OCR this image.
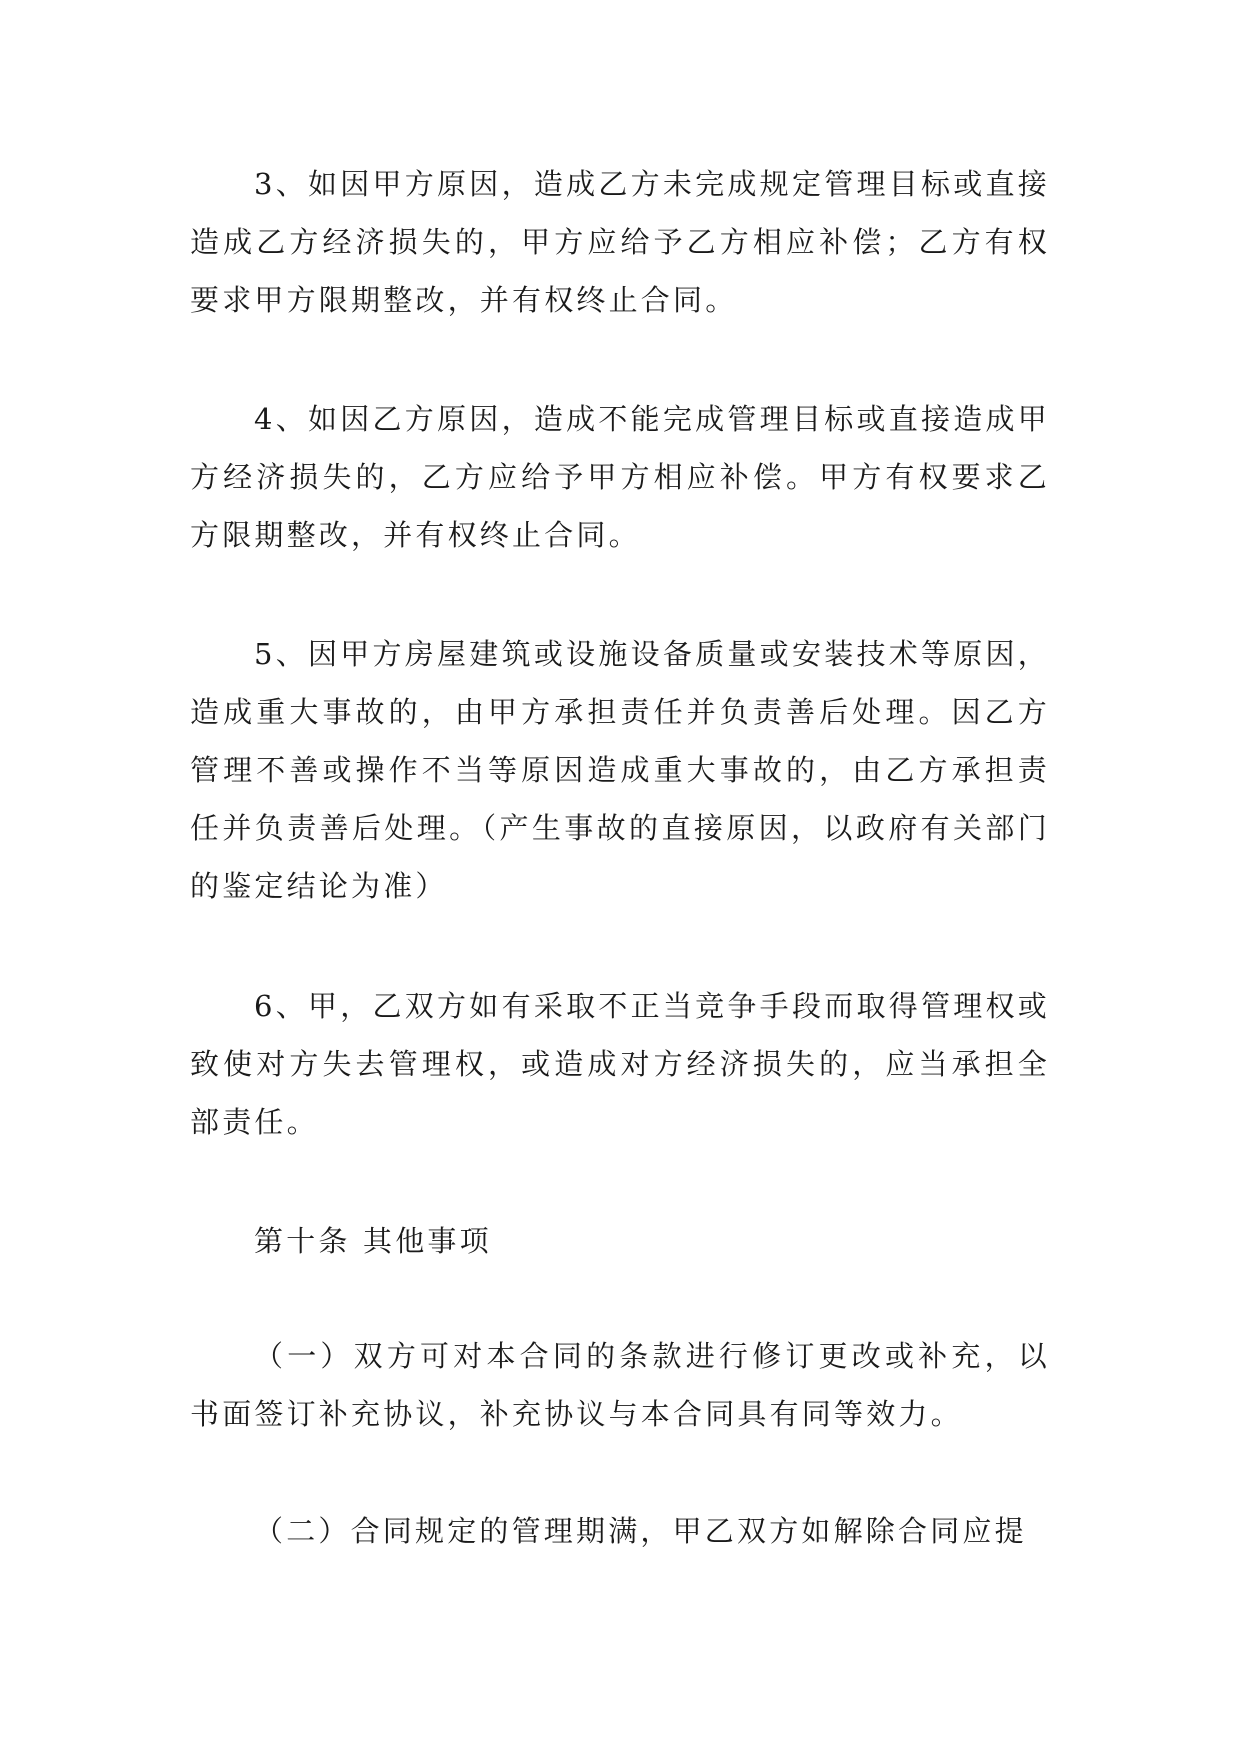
3、如因甲方原因，造成乙方未完成规定管理目标或直接造成乙方经济损失的，甲方应给予乙方相应补偿；乙方有权要求甲方限期整改，并有权终止合同。

4、如因乙方原因，造成不能完成管理目标或直接造成甲方经济损失的，乙方应给予甲方相应补偿。甲方有权要求乙方限期整改，并有权终止合同。

5、因甲方房屋建筑或设施设备质量或安装技术等原因，造成重大事故的，由甲方承担责任并负责善后处理。因乙方管理不善或操作不当等原因造成重大事故的，由乙方承担责任并负责善后处理。（产生事故的直接原因，以政府有关部门的鉴定结论为准）

6、甲，乙双方如有采取不正当竞争手段而取得管理权或致使对方失去管理权，或造成对方经济损失的，应当承担全部责任。

第十条 其他事项

（一）双方可对本合同的条款进行修订更改或补充，以书面签订补充协议，补充协议与本合同具有同等效力。

（二）合同规定的管理期满，甲乙双方如解除合同应提
